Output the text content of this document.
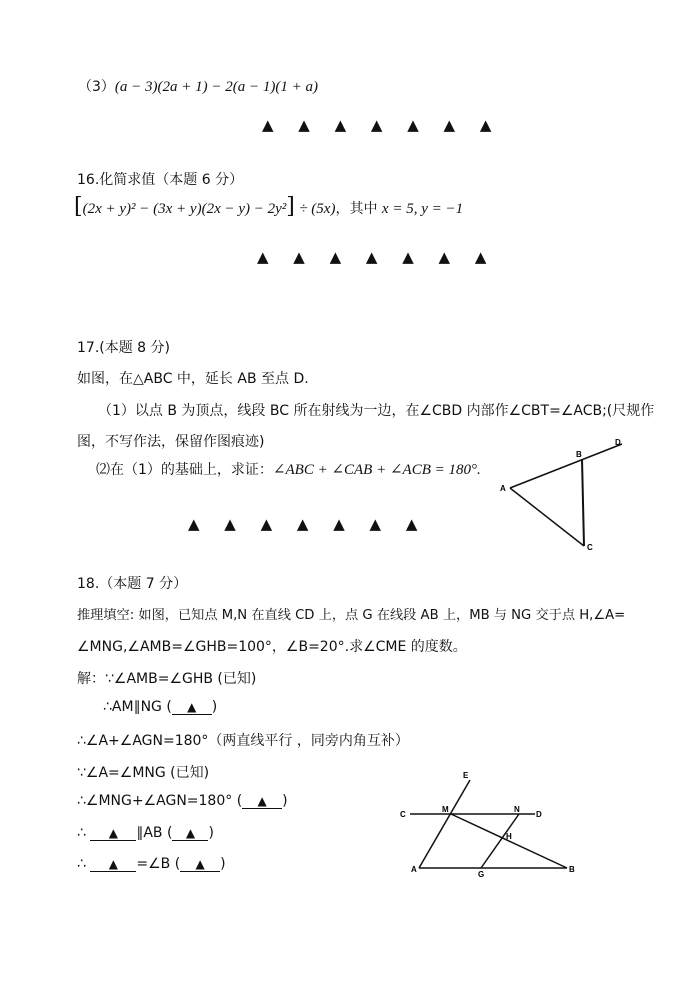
（3）(a − 3)(2a + 1) − 2(a − 1)(1 + a)
▲ ▲ ▲ ▲ ▲ ▲ ▲
16.化简求值（本题 6 分）
[(2x + y)² − (3x + y)(2x − y) − 2y²] ÷ (5x)，其中 x = 5, y = −1
▲ ▲ ▲ ▲ ▲ ▲ ▲
17.(本题 8 分)
如图，在△ABC 中，延长 AB 至点 D.
（1）以点 B 为顶点，线段 BC 所在射线为一边，在∠CBD 内部作∠CBT=∠ACB;(尺规作
图，不写作法，保留作图痕迹)
⑵在（1）的基础上，求证：∠ABC + ∠CAB + ∠ACB = 180°.
▲ ▲ ▲ ▲ ▲ ▲ ▲
A
B
C
D
18.（本题 7 分）
推理填空: 如图，已知点 M,N 在直线 CD 上，点 G 在线段 AB 上，MB 与 NG 交于点 H,∠A=
∠MNG,∠AMB=∠GHB=100°，∠B=20°.求∠CME 的度数。
解：∵∠AMB=∠GHB (已知)
∴AM∥NG ( ▲ )
∴∠A+∠AGN=180°（两直线平行 ，同旁内角互补）
∵∠A=∠MNG (已知)
∴∠MNG+∠AGN=180° ( ▲ )
∴ ▲ ∥AB ( ▲ )
∴ ▲ =∠B ( ▲ )
E
C
M	N
D
H
A
G
B
